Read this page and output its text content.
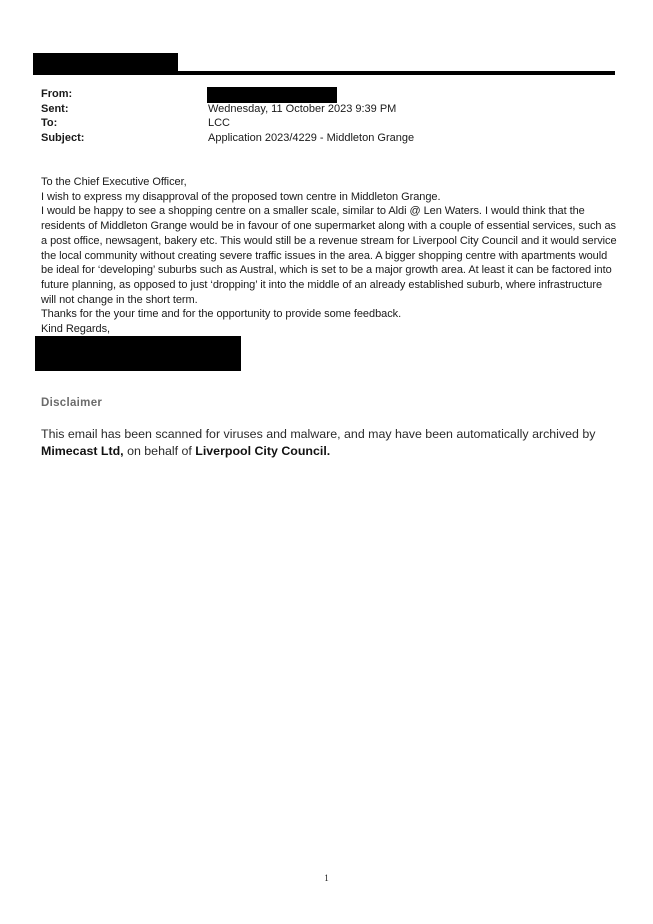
From:
Sent:	Wednesday, 11 October 2023 9:39 PM
To:	LCC
Subject:	Application 2023/4229 - Middleton Grange

To the Chief Executive Officer,

I wish to express my disapproval of the proposed town centre in Middleton Grange.

I would be happy to see a shopping centre on a smaller scale, similar to Aldi @ Len Waters. I would think that the residents of Middleton Grange would be in favour of one supermarket along with a couple of essential services, such as a post office, newsagent, bakery etc. This would still be a revenue stream for Liverpool City Council and it would service the local community without creating severe traffic issues in the area. A bigger shopping centre with apartments would be ideal for ‘developing’ suburbs such as Austral, which is set to be a major growth area. At least it can be factored into future planning, as opposed to just ‘dropping’ it into the middle of an already established suburb, where infrastructure will not change in the short term.

Thanks for the your time and for the opportunity to provide some feedback.

Kind Regards,

Disclaimer
This email has been scanned for viruses and malware, and may have been automatically archived by Mimecast Ltd, on behalf of Liverpool City Council.
1
